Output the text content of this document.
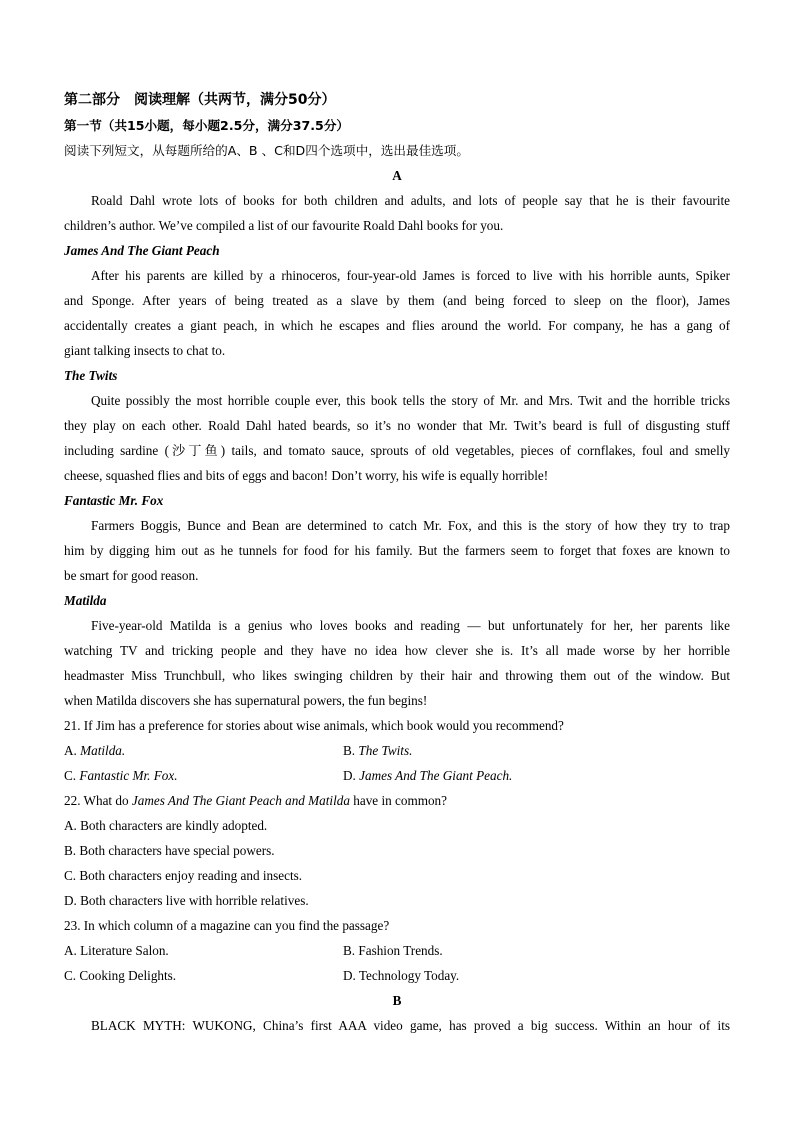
第二部分　阅读理解（共两节，满分50分）
第一节（共15小题，每小题2.5分，满分37.5分）
阅读下列短文，从每题所给的A、B 、C和D四个选项中，选出最佳选项。
A
Roald Dahl wrote lots of books for both children and adults, and lots of people say that he is their favourite
children’s author. We’ve compiled a list of our favourite Roald Dahl books for you.
James And The Giant Peach
After his parents are killed by a rhinoceros, four-year-old James is forced to live with his horrible aunts, Spiker
and Sponge. After years of being treated as a slave by them (and being forced to sleep on the floor), James
accidentally creates a giant peach, in which he escapes and flies around the world. For company, he has a gang of
giant talking insects to chat to.
The Twits
Quite possibly the most horrible couple ever, this book tells the story of Mr. and Mrs. Twit and the horrible tricks
they play on each other. Roald Dahl hated beards, so it’s no wonder that Mr. Twit’s beard is full of disgusting stuff
including sardine (沙丁鱼) tails, and tomato sauce, sprouts of old vegetables, pieces of cornflakes, foul and smelly
cheese, squashed flies and bits of eggs and bacon! Don’t worry, his wife is equally horrible!
Fantastic Mr. Fox
Farmers Boggis, Bunce and Bean are determined to catch Mr. Fox, and this is the story of how they try to trap
him by digging him out as he tunnels for food for his family. But the farmers seem to forget that foxes are known to
be smart for good reason.
Matilda
Five-year-old Matilda is a genius who loves books and reading — but unfortunately for her, her parents like
watching TV and tricking people and they have no idea how clever she is. It’s all made worse by her horrible
headmaster Miss Trunchbull, who likes swinging children by their hair and throwing them out of the window. But
when Matilda discovers she has supernatural powers, the fun begins!
21. If Jim has a preference for stories about wise animals, which book would you recommend?
A. Matilda.	B. The Twits.
C. Fantastic Mr. Fox.	D. James And The Giant Peach.
22. What do James And The Giant Peach and Matilda have in common?
A. Both characters are kindly adopted.
B. Both characters have special powers.
C. Both characters enjoy reading and insects.
D. Both characters live with horrible relatives.
23. In which column of a magazine can you find the passage?
A. Literature Salon.	B. Fashion Trends.
C. Cooking Delights.	D. Technology Today.
B
BLACK MYTH: WUKONG, China’s first AAA video game, has proved a big success. Within an hour of its
